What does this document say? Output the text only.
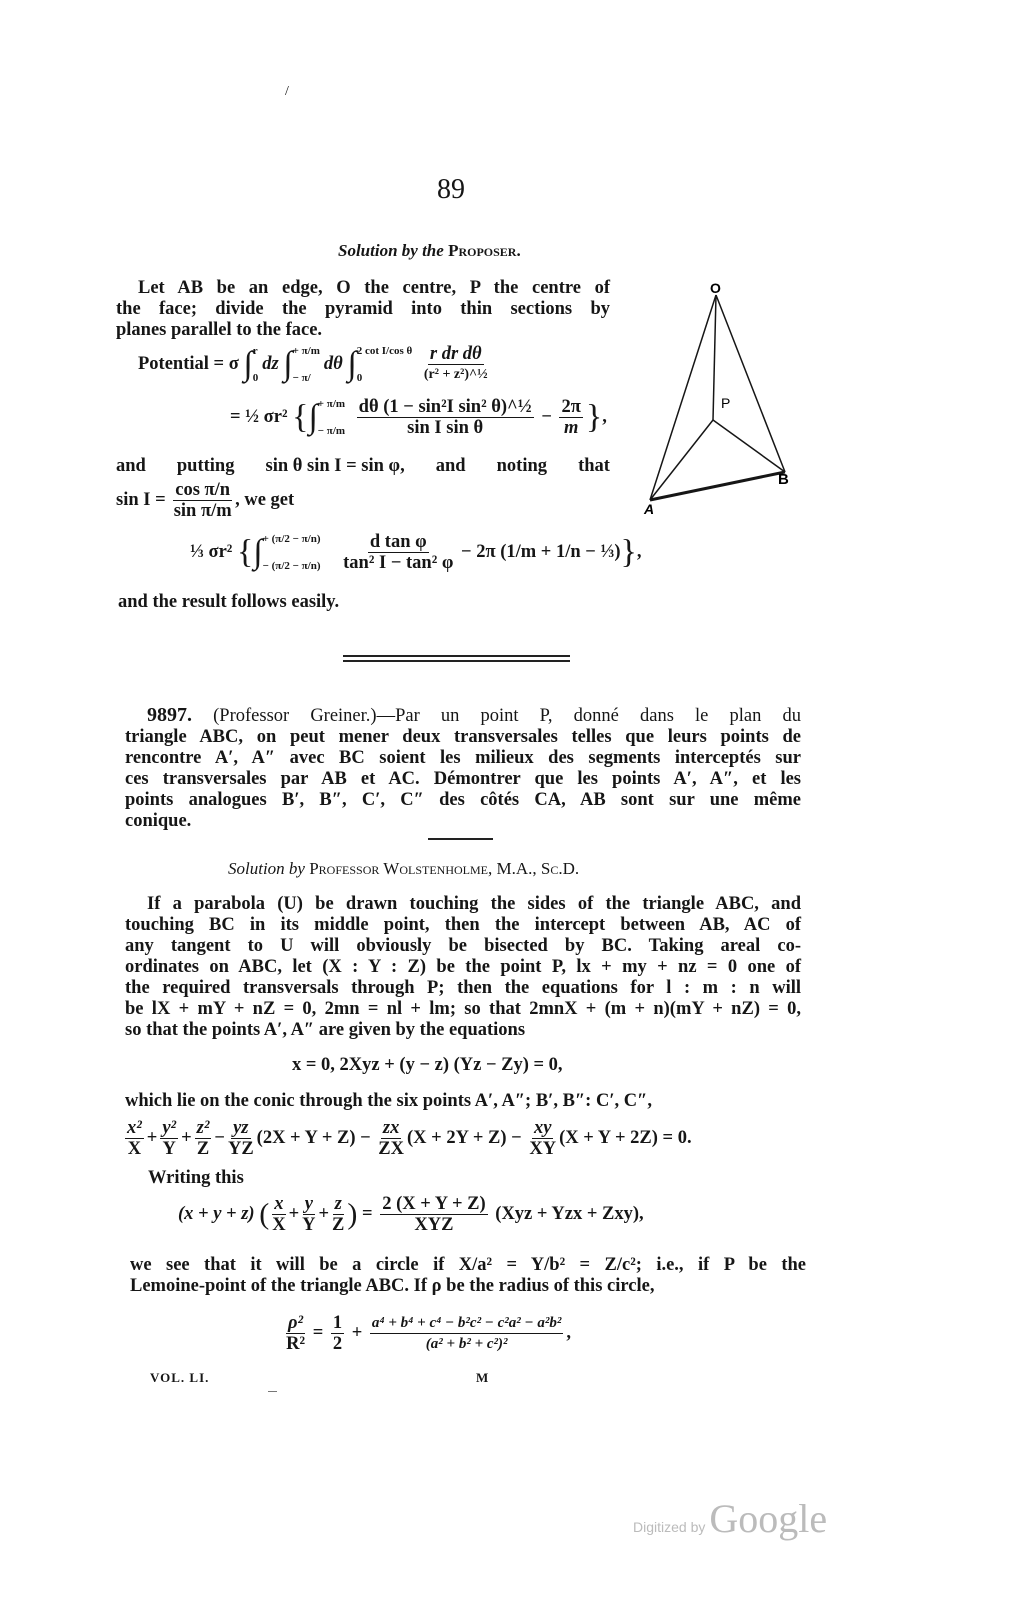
/
89
Solution by the Proposer.
Let AB be an edge, O the centre, P the centre of
the face; divide the pyramid into thin sections by
planes parallel to the face.
Potential = σ ∫ r
0
dz ∫ + π/m
− π/
dθ ∫ 2 cot I/cos θ
0
	$\frac{\text{r dr dθ}}{\text{(r² + z²)\textasciicircum{}½}}$
= ½ σr² {∫ + π/m
− π/m
$\frac{\text{dθ (1 − sin²I sin² θ)\textasciicircum{}½}}{\text{sin I sin θ}} - \frac{2\pi}{m}$ },
and putting sin θ sin I = sin φ, and noting that
$\sin I = \frac{\text{cos π/n}}{\text{sin π/m}}$ , we get
⅓ σr² {∫ + (π/2 − π/n)
− (π/2 − π/n)
$\frac{\text{d tan φ}}{\text{tan² I − tan² φ}} - 2\pi$ (1/m + 1/n − ⅓)},
and the result follows easily.
O
P
B
A
9897. (Professor Greiner.)—Par un point P, donné dans le plan du
triangle ABC, on peut mener deux transversales telles que leurs points de
rencontre A′, A″ avec BC soient les milieux des segments interceptés sur
ces transversales par AB et AC. Démontrer que les points A′, A″, et les
points analogues B′, B″, C′, C″ des côtés CA, AB sont sur une même
conique.
Solution by Professor Wolstenholme, M.A., Sc.D.
If a parabola (U) be drawn touching the sides of the triangle ABC, and
touching BC in its middle point, then the intercept between AB, AC of
any tangent to U will obviously be bisected by BC. Taking areal co-
ordinates on ABC, let (X : Y : Z) be the point P, lx + my + nz = 0 one of
the required transversals through P; then the equations for l : m : n will
be lX + mY + nZ = 0, 2mn = nl + lm; so that 2mnX + (m + n)(mY + nZ) = 0,
so that the points A′, A″ are given by the equations
x = 0, 2Xyz + (y − z) (Yz − Zy) = 0,
which lie on the conic through the six points A′, A″; B′, B″: C′, C″,
$\frac{\text{x²}}{X} + \frac{\text{y²}}{Y} + \frac{\text{z²}}{Z} - \frac{yz}{YZ} (2X + Y + Z) - \frac{zx}{ZX} (X + 2Y + Z) - \frac{xy}{XY} (X + Y + 2Z) = 0$.
Writing this
(x + y + z) ( $\frac{x}{X} + \frac{y}{Y} + \frac{z}{Z}$ ) = $\frac{2 (X + Y + Z)}{\text{XYZ}} (Xyz$ + Yzx + Zxy),
we see that it will be a circle if X/a² = Y/b² = Z/c²; i.e., if P be the
Lemoine-point of the triangle ABC. If ρ be the radius of this circle,
$\frac{\text{ρ²}}{\text{R²}} = \frac{1}{2} + \frac{\text{a⁴ + b⁴ + c⁴ − b²c² − c²a² − a²b²}}{\text{(a² + b² + c²)²}}$ ,
VOL. LI.	M
Digitized by Google
